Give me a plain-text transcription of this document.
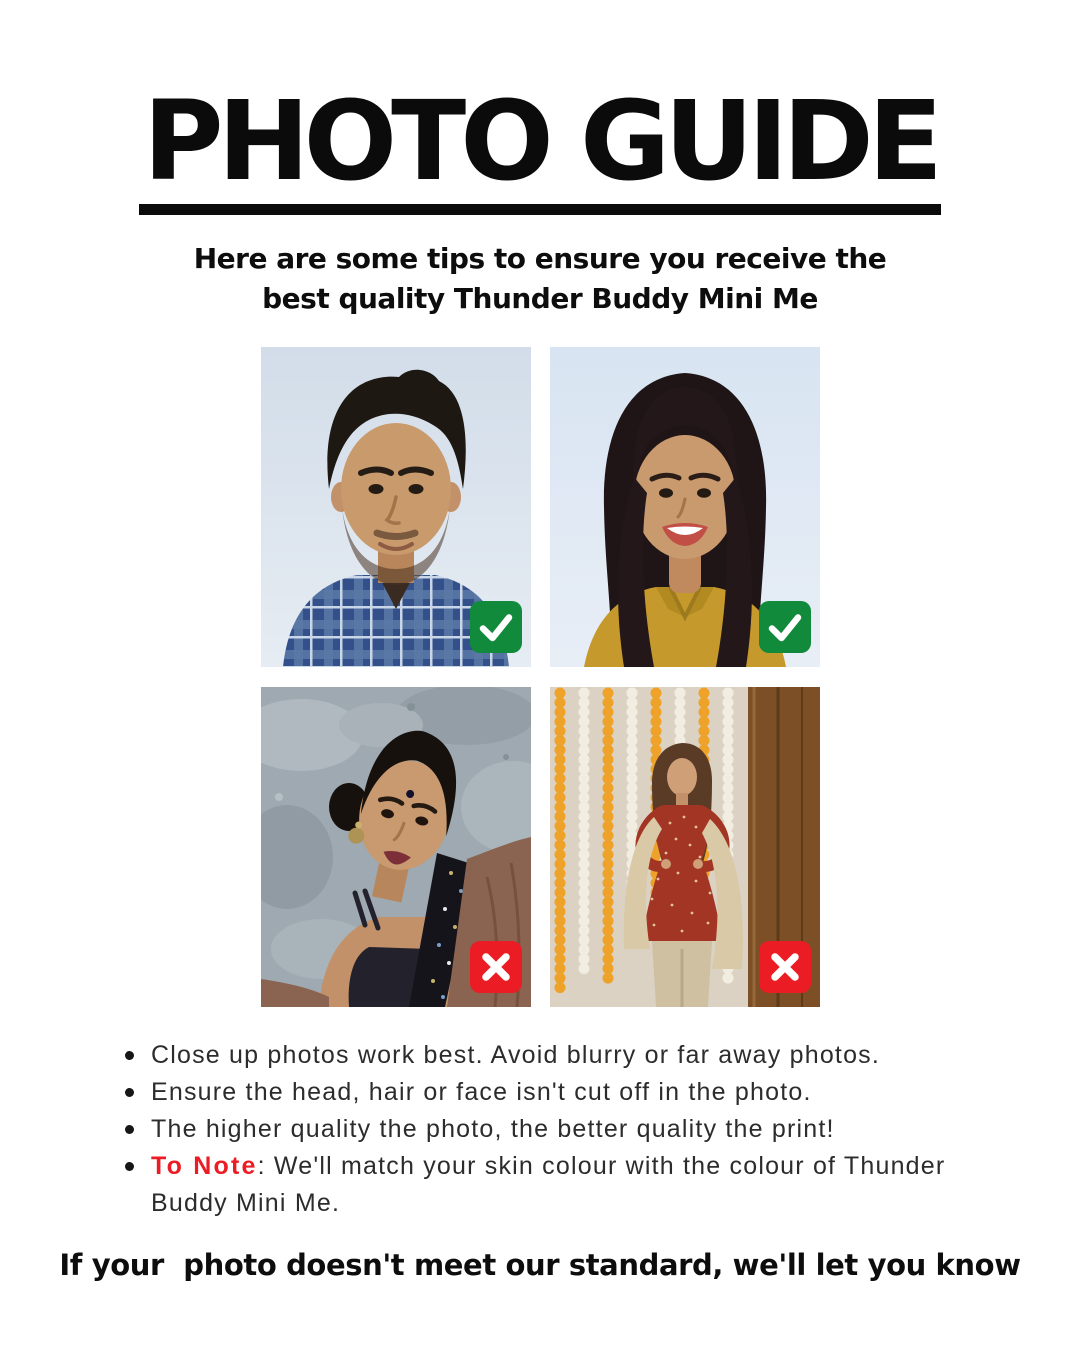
PHOTO GUIDE
Here are some tips to ensure you receive the
best quality Thunder Buddy Mini Me
Close up photos work best. Avoid blurry or far away photos.
Ensure the head, hair or face isn't cut off in the photo.
The higher quality the photo, the better quality the print!
To Note: We'll match your skin colour with the colour of Thunder Buddy Mini Me.

If your  photo doesn't meet our standard, we'll let you know
